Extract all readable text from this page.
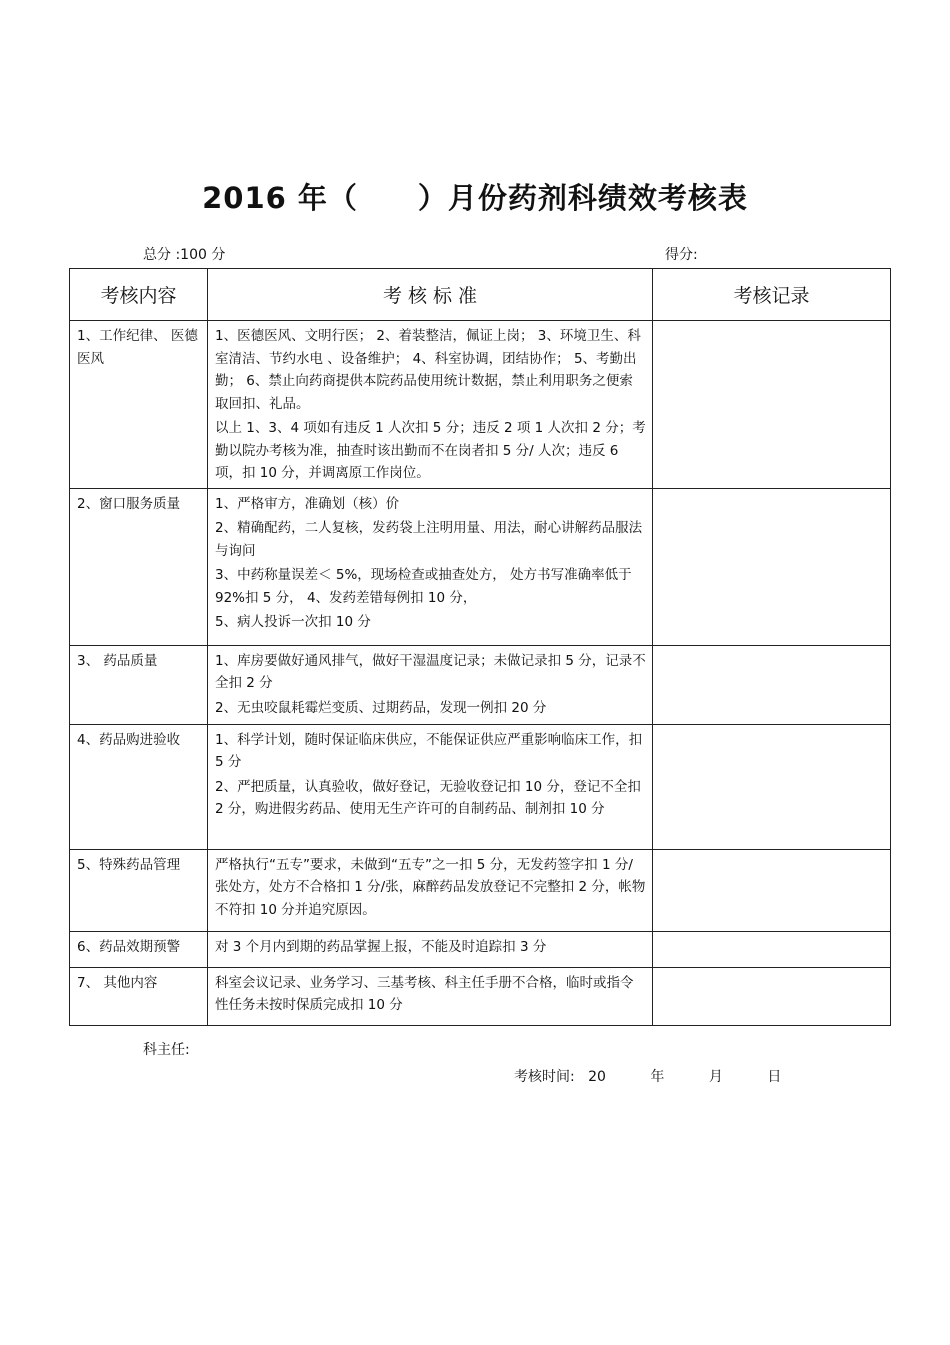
2016 年（　　）月份药剂科绩效考核表
总分 :100 分	得分:
考核内容	考 核 标 准	考核记录
1、工作纪律、 医德医风	1、医德医风、文明行医； 2、着装整洁，佩证上岗； 3、环境卫生、科室清洁、节约水电 、设备维护； 4、科室协调，团结协作； 5、考勤出勤； 6、禁止向药商提供本院药品使用统计数据，禁止利用职务之便索取回扣、礼品。
以上 1、3、4 项如有违反 1 人次扣 5 分；违反 2 项 1 人次扣 2 分；考勤以院办考核为准，抽查时该出勤而不在岗者扣 5 分/ 人次；违反 6 项，扣 10 分，并调离原工作岗位。	

2、窗口服务质量	1、严格审方，准确划（核）价
2、精确配药，二人复核，发药袋上注明用量、用法，耐心讲解药品服法与询问
3、中药称量误差＜ 5%，现场检查或抽查处方， 处方书写准确率低于 92%扣 5 分， 4、发药差错每例扣 10 分，
5、病人投诉一次扣 10 分	

3、 药品质量	1、库房要做好通风排气，做好干湿温度记录；未做记录扣 5 分，记录不全扣 2 分
2、无虫咬鼠耗霉烂变质、过期药品，发现一例扣 20 分	

4、药品购进验收	1、科学计划，随时保证临床供应，不能保证供应严重影响临床工作，扣 5 分
2、严把质量，认真验收，做好登记，无验收登记扣 10 分，登记不全扣 2 分，购进假劣药品、使用无生产许可的自制药品、制剂扣 10 分	

5、特殊药品管理	严格执行“五专”要求，未做到“五专”之一扣 5 分，无发药签字扣 1 分/张处方，处方不合格扣 1 分/张，麻醉药品发放登记不完整扣 2 分，帐物不符扣 10 分并追究原因。	

6、药品效期预警	对 3 个月内到期的药品掌握上报，不能及时追踪扣 3 分	

7、 其他内容	科室会议记录、业务学习、三基考核、科主任手册不合格，临时或指令性任务未按时保质完成扣 10 分	

科主任:
考核时间:   20          年          月          日
